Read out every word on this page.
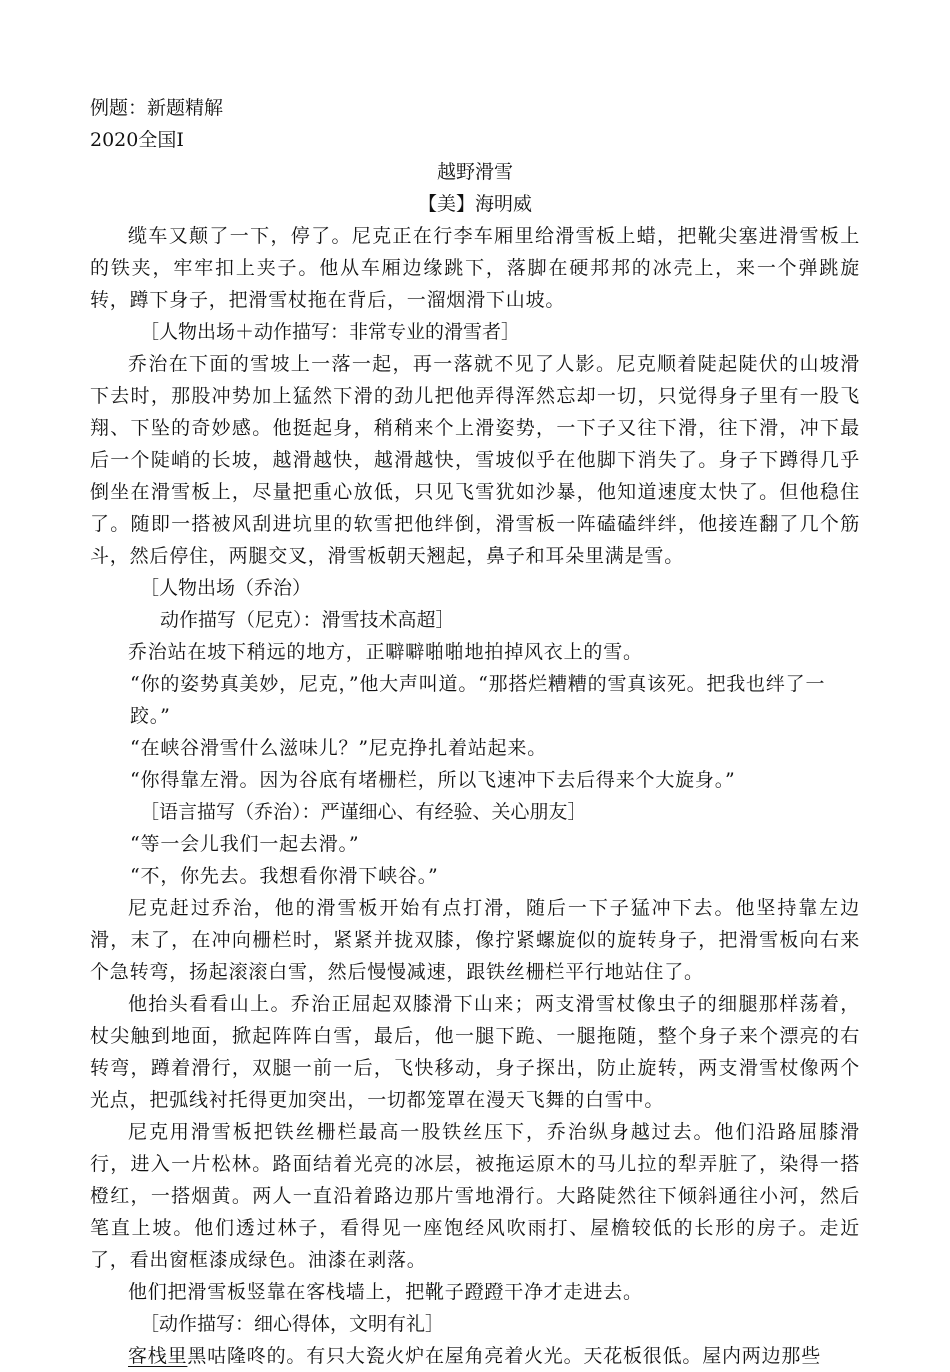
例题：新题精解
2020全国Ⅰ
越野滑雪
【美】海明威
缆车又颠了一下，停了。尼克正在行李车厢里给滑雪板上蜡，把靴尖塞进滑雪板上的铁夹，牢牢扣上夹子。他从车厢边缘跳下，落脚在硬邦邦的冰壳上，来一个弹跳旋转，蹲下身子，把滑雪杖拖在背后，一溜烟滑下山坡。
［人物出场＋动作描写：非常专业的滑雪者］
乔治在下面的雪坡上一落一起，再一落就不见了人影。尼克顺着陡起陡伏的山坡滑下去时，那股冲势加上猛然下滑的劲儿把他弄得浑然忘却一切，只觉得身子里有一股飞翔、下坠的奇妙感。他挺起身，稍稍来个上滑姿势，一下子又往下滑，往下滑，冲下最后一个陡峭的长坡，越滑越快，越滑越快，雪坡似乎在他脚下消失了。身子下蹲得几乎倒坐在滑雪板上，尽量把重心放低，只见飞雪犹如沙暴，他知道速度太快了。但他稳住了。随即一搭被风刮进坑里的软雪把他绊倒，滑雪板一阵磕磕绊绊，他接连翻了几个筋斗，然后停住，两腿交叉，滑雪板朝天翘起，鼻子和耳朵里满是雪。
［人物出场（乔治）
动作描写（尼克）：滑雪技术高超］
乔治站在坡下稍远的地方，正噼噼啪啪地拍掉风衣上的雪。
“你的姿势真美妙，尼克，”他大声叫道。“那搭烂糟糟的雪真该死。把我也绊了一跤。”
“在峡谷滑雪什么滋味儿？”尼克挣扎着站起来。
“你得靠左滑。因为谷底有堵栅栏，所以飞速冲下去后得来个大旋身。”
［语言描写（乔治）：严谨细心、有经验、关心朋友］
“等一会儿我们一起去滑。”
“不，你先去。我想看你滑下峡谷。”
尼克赶过乔治，他的滑雪板开始有点打滑，随后一下子猛冲下去。他坚持靠左边滑，末了，在冲向栅栏时，紧紧并拢双膝，像拧紧螺旋似的旋转身子，把滑雪板向右来个急转弯，扬起滚滚白雪，然后慢慢减速，跟铁丝栅栏平行地站住了。
他抬头看看山上。乔治正屈起双膝滑下山来；两支滑雪杖像虫子的细腿那样荡着，杖尖触到地面，掀起阵阵白雪，最后，他一腿下跪、一腿拖随，整个身子来个漂亮的右转弯，蹲着滑行，双腿一前一后，飞快移动，身子探出，防止旋转，两支滑雪杖像两个光点，把弧线衬托得更加突出，一切都笼罩在漫天飞舞的白雪中。
尼克用滑雪板把铁丝栅栏最高一股铁丝压下，乔治纵身越过去。他们沿路屈膝滑行，进入一片松林。路面结着光亮的冰层，被拖运原木的马儿拉的犁弄脏了，染得一搭橙红，一搭烟黄。两人一直沿着路边那片雪地滑行。大路陡然往下倾斜通往小河，然后笔直上坡。他们透过林子，看得见一座饱经风吹雨打、屋檐较低的长形的房子。走近了，看出窗框漆成绿色。油漆在剥落。
他们把滑雪板竖靠在客栈墙上，把靴子蹬蹬干净才走进去。
［动作描写：细心得体，文明有礼］
客栈里黑咕隆咚的。有只大瓷火炉在屋角亮着火光。天花板很低。屋内两边那些
